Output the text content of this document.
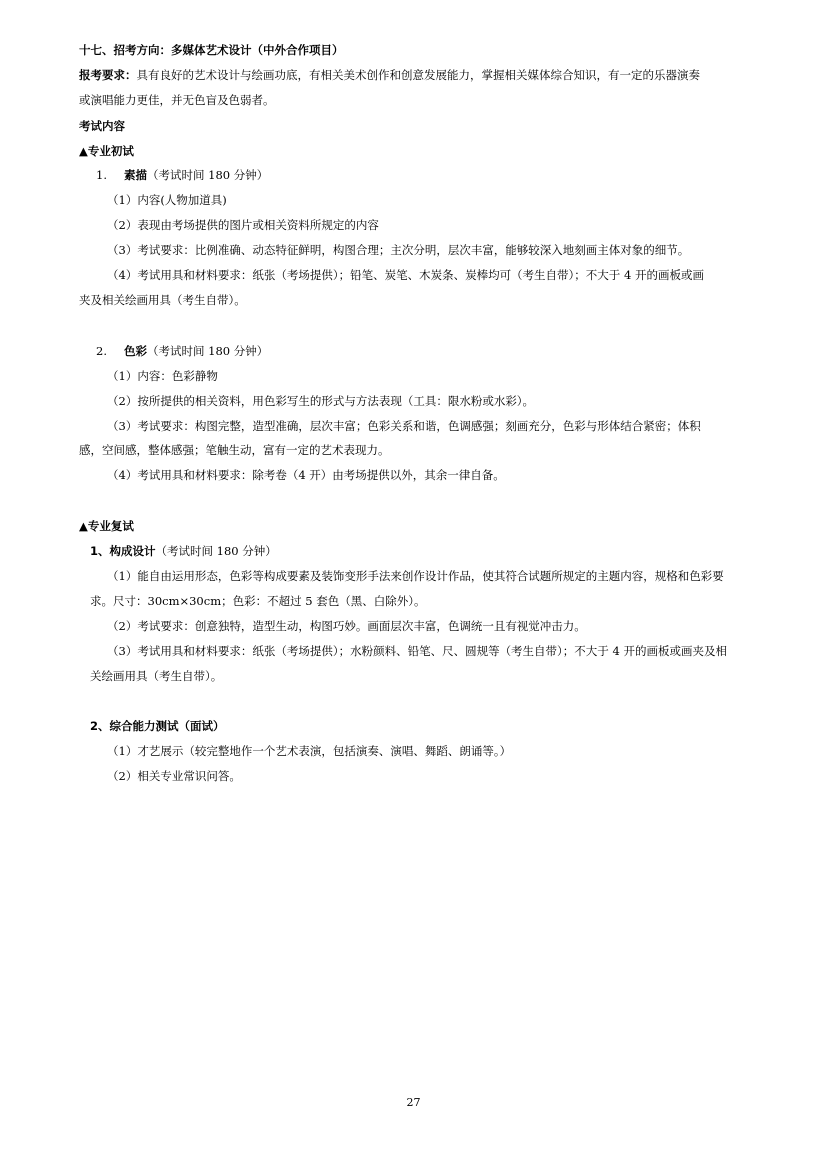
十七、招考方向：多媒体艺术设计（中外合作项目）
报考要求：具有良好的艺术设计与绘画功底，有相关美术创作和创意发展能力，掌握相关媒体综合知识，有一定的乐器演奏
或演唱能力更佳，并无色盲及色弱者。
考试内容
▲专业初试
1. 素描（考试时间 180 分钟）
（1）内容(人物加道具)
（2）表现由考场提供的图片或相关资料所规定的内容
（3）考试要求：比例准确、动态特征鲜明，构图合理；主次分明，层次丰富，能够较深入地刻画主体对象的细节。
（4）考试用具和材料要求：纸张（考场提供）；铅笔、炭笔、木炭条、炭棒均可（考生自带）；不大于 4 开的画板或画
夹及相关绘画用具（考生自带）。
2. 色彩（考试时间 180 分钟）
（1）内容：色彩静物
（2）按所提供的相关资料，用色彩写生的形式与方法表现（工具：限水粉或水彩）。
（3）考试要求：构图完整，造型准确，层次丰富；色彩关系和谐，色调感强；刻画充分，色彩与形体结合紧密；体积
感，空间感，整体感强；笔触生动，富有一定的艺术表现力。
（4）考试用具和材料要求：除考卷（4 开）由考场提供以外，其余一律自备。
▲专业复试
1、构成设计（考试时间 180 分钟）
（1）能自由运用形态，色彩等构成要素及装饰变形手法来创作设计作品，使其符合试题所规定的主题内容，规格和色彩要
求。尺寸：30cm×30cm；色彩：不超过 5 套色（黑、白除外）。
（2）考试要求：创意独特，造型生动，构图巧妙。画面层次丰富，色调统一且有视觉冲击力。
（3）考试用具和材料要求：纸张（考场提供）；水粉颜料、铅笔、尺、圆规等（考生自带）；不大于 4 开的画板或画夹及相
关绘画用具（考生自带）。
2、综合能力测试（面试）
（1）才艺展示（较完整地作一个艺术表演，包括演奏、演唱、舞蹈、朗诵等。）
（2）相关专业常识问答。
27
